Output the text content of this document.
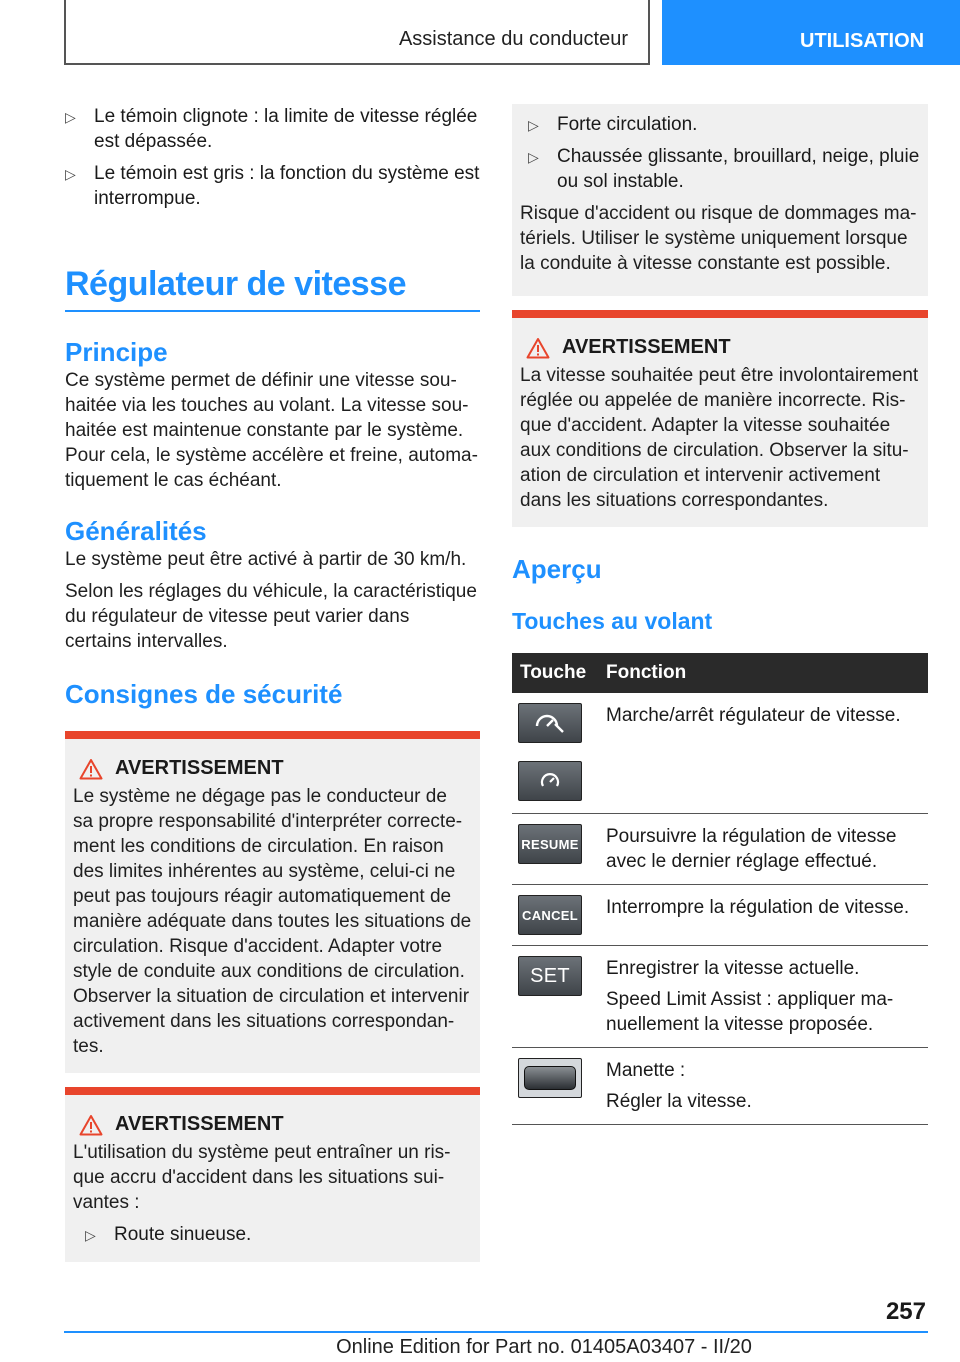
Assistance du conducteur	UTILISATION
▷ Le témoin clignote : la limite de vitesse réglée est dépassée.
▷ Le témoin est gris : la fonction du système est interrompue.
Régulateur de vitesse
Principe

Ce système permet de définir une vitesse sou-haitée via les touches au volant. La vitesse sou-haitée est maintenue constante par le système. Pour cela, le système accélère et freine, automa-tiquement le cas échéant.

Généralités

Le système peut être activé à partir de 30 km/h.

Selon les réglages du véhicule, la caractéristique du régulateur de vitesse peut varier dans certains intervalles.

Consignes de sécurité
AVERTISSEMENT

Le système ne dégage pas le conducteur de sa propre responsabilité d'interpréter correcte-ment les conditions de circulation. En raison des limites inhérentes au système, celui-ci ne peut pas toujours réagir automatiquement de manière adéquate dans toutes les situations de circulation. Risque d'accident. Adapter votre style de conduite aux conditions de circulation. Observer la situation de circulation et intervenir activement dans les situations correspondan-tes.

AVERTISSEMENT

L'utilisation du système peut entraîner un ris-que accru d'accident dans les situations sui-vantes :

▷ Route sinueuse.
▷ Forte circulation.
▷ Chaussée glissante, brouillard, neige, pluie ou sol instable.

Risque d'accident ou risque de dommages ma-tériels. Utiliser le système uniquement lorsque la conduite à vitesse constante est possible.

AVERTISSEMENT

La vitesse souhaitée peut être involontairement réglée ou appelée de manière incorrecte. Ris-que d'accident. Adapter la vitesse souhaitée aux conditions de circulation. Observer la situ-ation de circulation et intervenir activement dans les situations correspondantes.

Aperçu
Touches au volant
Touche	Fonction

	Marche/arrêt régulateur de vitesse.

RESUME	Poursuivre la régulation de vitesse avec le dernier réglage effectué.

CANCEL	Interrompre la régulation de vitesse.

SET	Enregistrer la vitesse actuelle.

Speed Limit Assist : appliquer ma-nuellement la vitesse proposée.

	Manette :

Régler la vitesse.

257
Online Edition for Part no. 01405A03407 - II/20
